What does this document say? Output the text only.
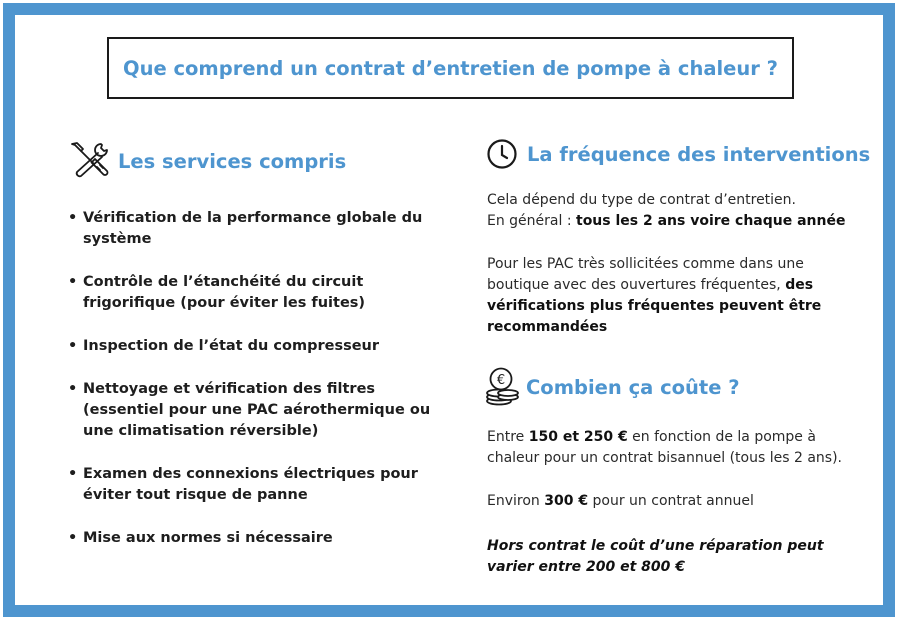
Que comprend un contrat d’entretien de pompe à chaleur ?
Les services compris
• Vérification de la performance globale du système
• Contrôle de l’étanchéité du circuit frigorifique (pour éviter les fuites)
• Inspection de l’état du compresseur
• Nettoyage et vérification des filtres (essentiel pour une PAC aérothermique ou une climatisation réversible)
• Examen des connexions électriques pour éviter tout risque de panne
• Mise aux normes si nécessaire
La fréquence des interventions
Cela dépend du type de contrat d’entretien.
En général : tous les 2 ans voire chaque année
Pour les PAC très sollicitées comme dans une boutique avec des ouvertures fréquentes, des vérifications plus fréquentes peuvent être recommandées
€ Combien ça coûte ?
Entre 150 et 250 € en fonction de la pompe à chaleur pour un contrat bisannuel (tous les 2 ans).
Environ 300 € pour un contrat annuel
Hors contrat le coût d’une réparation peut varier entre 200 et 800 €
